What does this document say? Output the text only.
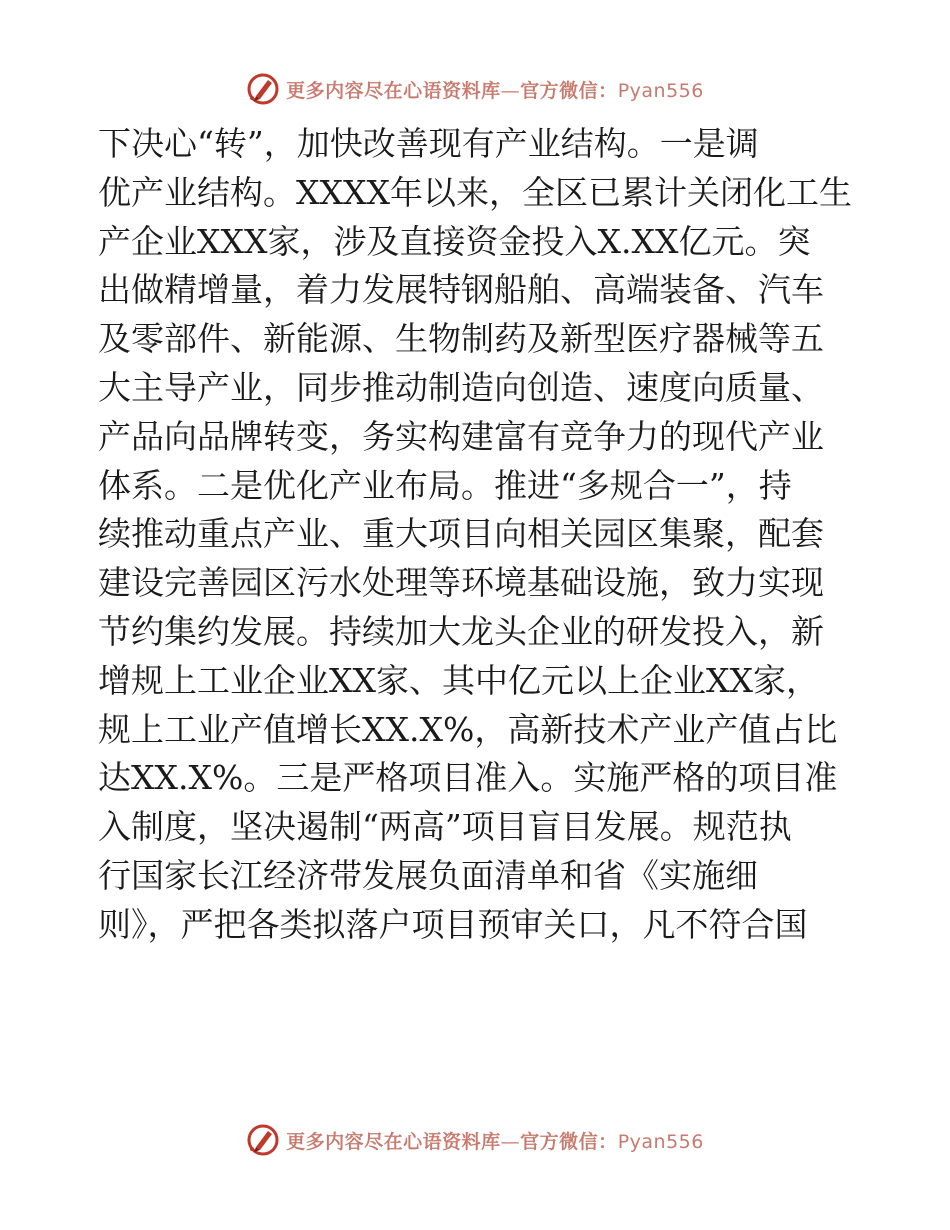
更多内容尽在心语资料库—官方微信：Pyan556
下决心“转”，加快改善现有产业结构。一是调
优产业结构。XXXX年以来，全区已累计关闭化工生
产企业XXX家，涉及直接资金投入X.XX亿元。突
出做精增量，着力发展特钢船舶、高端装备、汽车
及零部件、新能源、生物制药及新型医疗器械等五
大主导产业，同步推动制造向创造、速度向质量、
产品向品牌转变，务实构建富有竞争力的现代产业
体系。二是优化产业布局。推进“多规合一”，持
续推动重点产业、重大项目向相关园区集聚，配套
建设完善园区污水处理等环境基础设施，致力实现
节约集约发展。持续加大龙头企业的研发投入，新
增规上工业企业XX家、其中亿元以上企业XX家，
规上工业产值增长XX.X%，高新技术产业产值占比
达XX.X%。三是严格项目准入。实施严格的项目准
入制度，坚决遏制“两高”项目盲目发展。规范执
行国家长江经济带发展负面清单和省《实施细
则》，严把各类拟落户项目预审关口，凡不符合国
更多内容尽在心语资料库—官方微信：Pyan556
